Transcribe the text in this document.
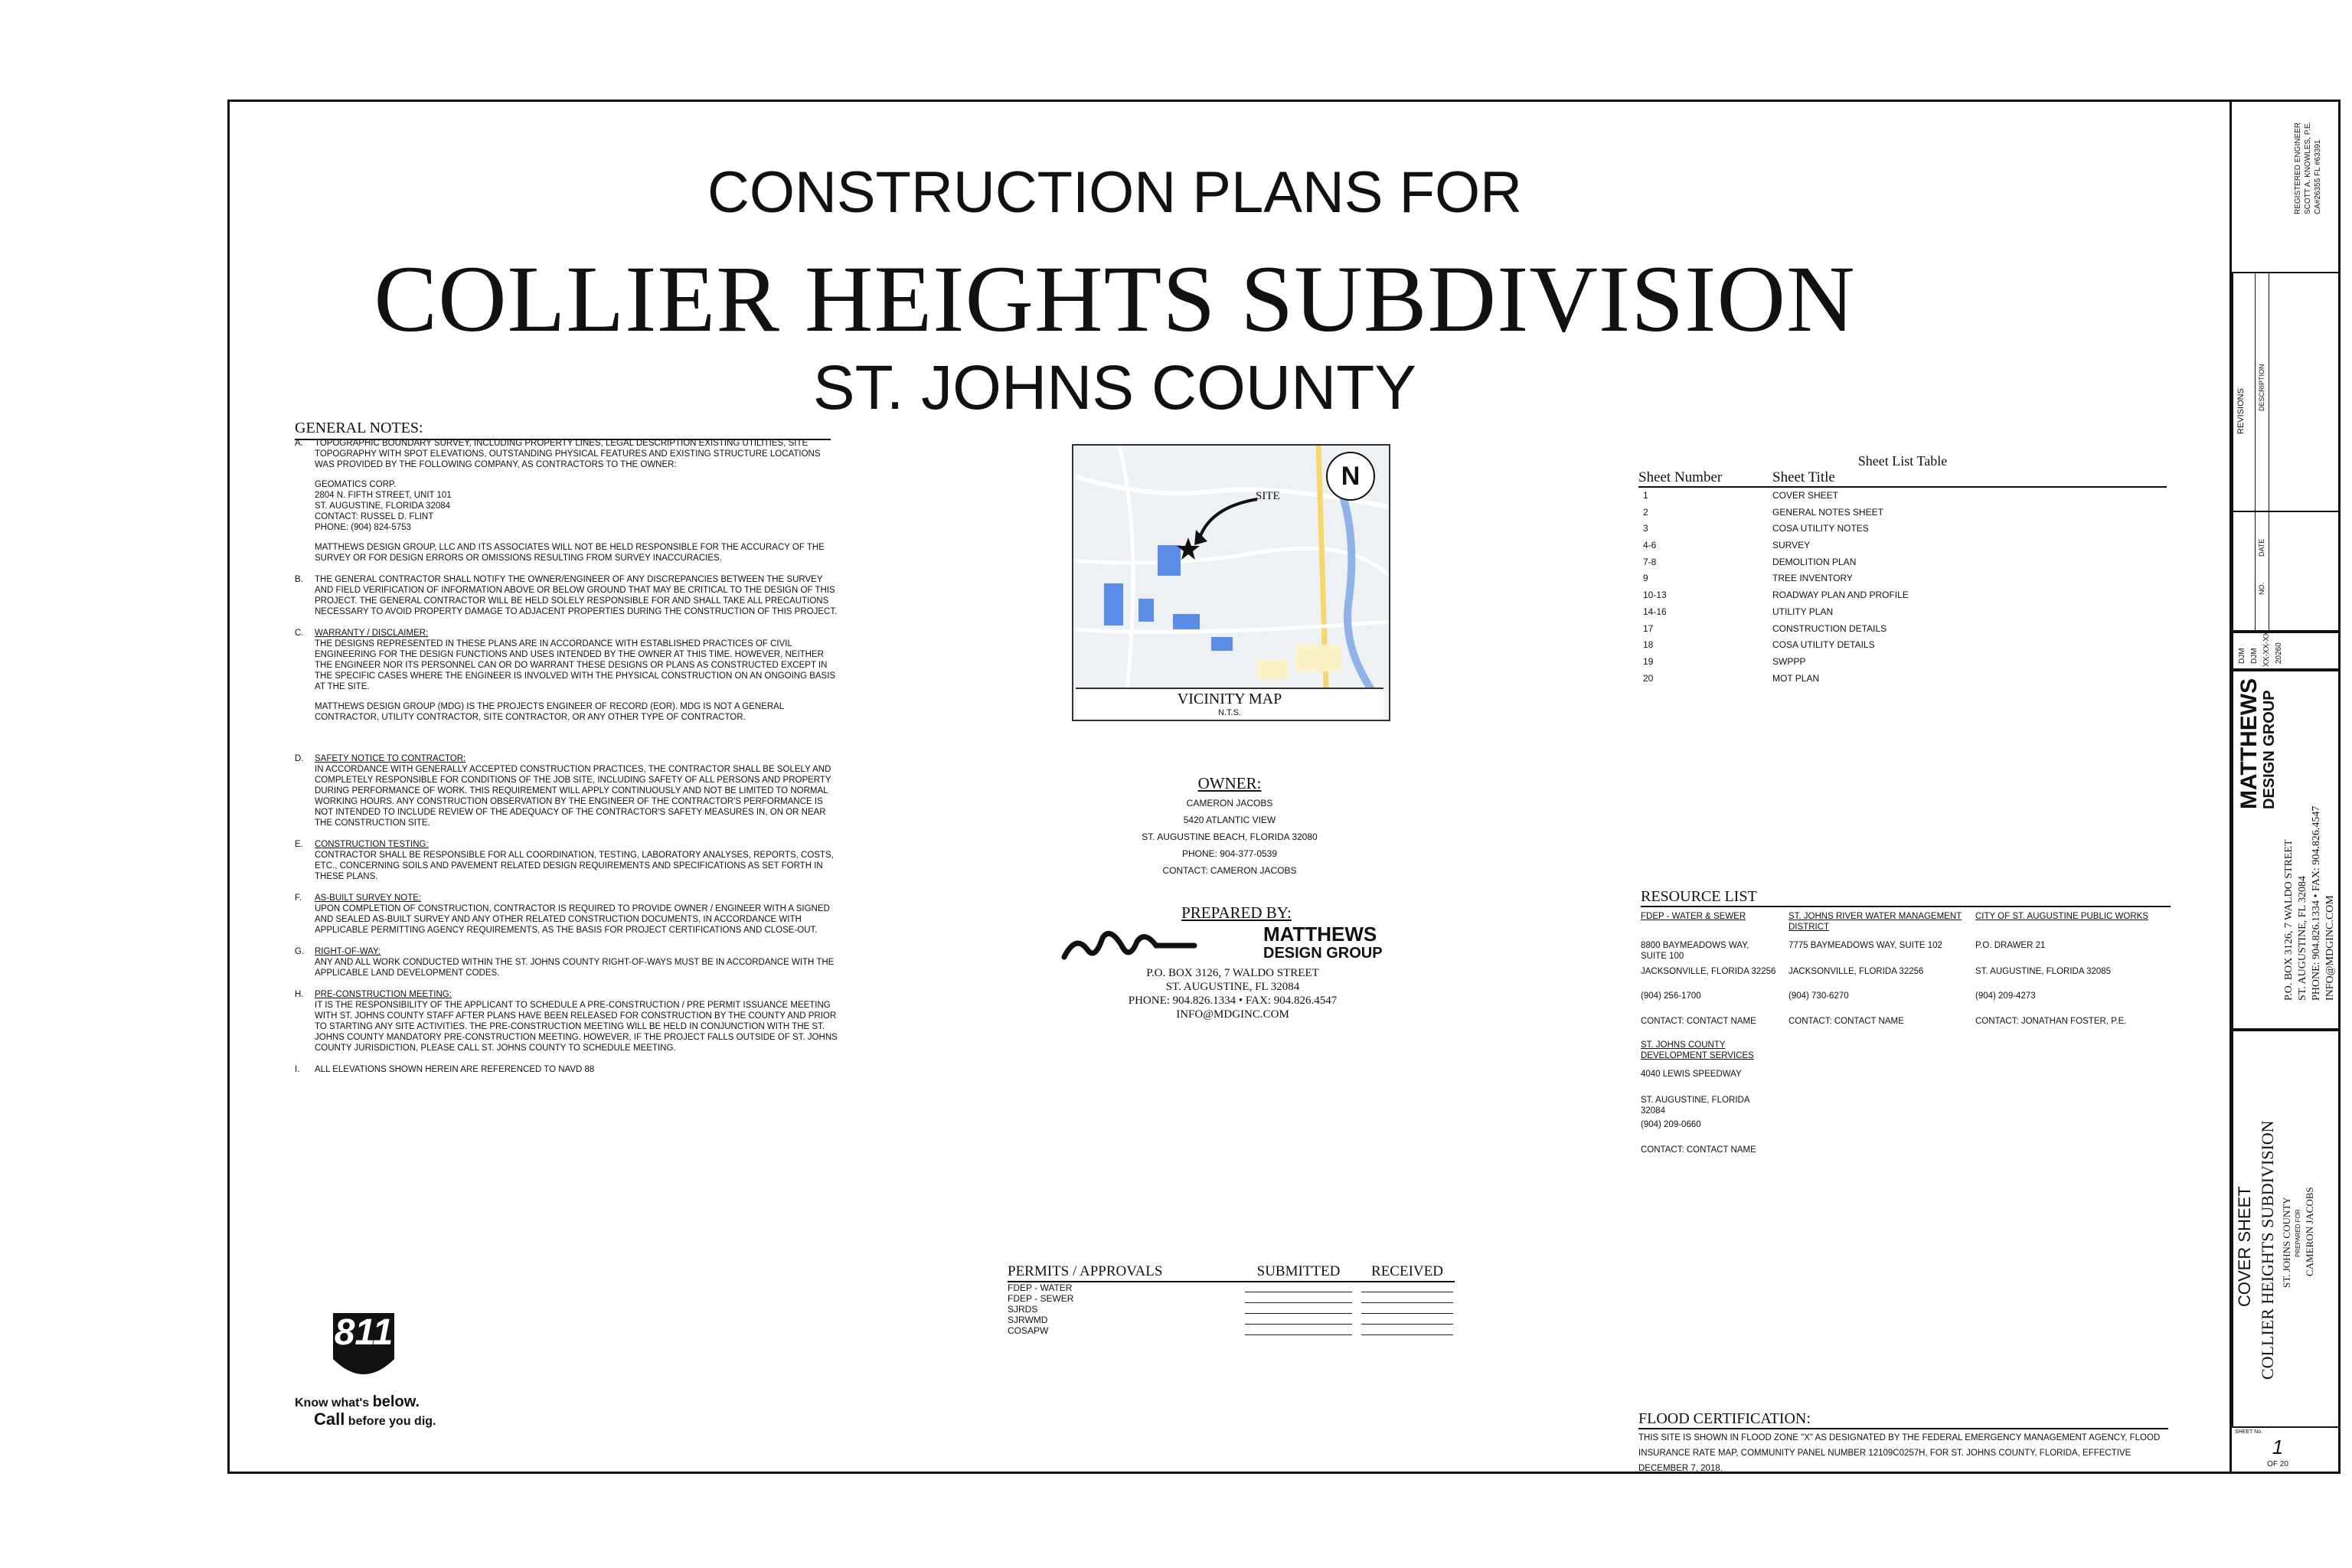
CONSTRUCTION PLANS FOR
COLLIER HEIGHTS SUBDIVISION
ST. JOHNS COUNTY
GENERAL NOTES:
A. TOPOGRAPHIC BOUNDARY SURVEY, INCLUDING PROPERTY LINES, LEGAL DESCRIPTION EXISTING UTILITIES, SITE TOPOGRAPHY WITH SPOT ELEVATIONS, OUTSTANDING PHYSICAL FEATURES AND EXISTING STRUCTURE LOCATIONS WAS PROVIDED BY THE FOLLOWING COMPANY, AS CONTRACTORS TO THE OWNER:

GEOMATICS CORP.
2804 N. FIFTH STREET, UNIT 101
ST. AUGUSTINE, FLORIDA 32084
CONTACT: RUSSEL D. FLINT
PHONE: (904) 824-5753

MATTHEWS DESIGN GROUP, LLC AND ITS ASSOCIATES WILL NOT BE HELD RESPONSIBLE FOR THE ACCURACY OF THE SURVEY OR FOR DESIGN ERRORS OR OMISSIONS RESULTING FROM SURVEY INACCURACIES.

B. THE GENERAL CONTRACTOR SHALL NOTIFY THE OWNER/ENGINEER OF ANY DISCREPANCIES BETWEEN THE SURVEY AND FIELD VERIFICATION OF INFORMATION ABOVE OR BELOW GROUND THAT MAY BE CRITICAL TO THE DESIGN OF THIS PROJECT. THE GENERAL CONTRACTOR WILL BE HELD SOLELY RESPONSIBLE FOR AND SHALL TAKE ALL PRECAUTIONS NECESSARY TO AVOID PROPERTY DAMAGE TO ADJACENT PROPERTIES DURING THE CONSTRUCTION OF THIS PROJECT.

C. WARRANTY / DISCLAIMER:

THE DESIGNS REPRESENTED IN THESE PLANS ARE IN ACCORDANCE WITH ESTABLISHED PRACTICES OF CIVIL ENGINEERING FOR THE DESIGN FUNCTIONS AND USES INTENDED BY THE OWNER AT THIS TIME. HOWEVER, NEITHER THE ENGINEER NOR ITS PERSONNEL CAN OR DO WARRANT THESE DESIGNS OR PLANS AS CONSTRUCTED EXCEPT IN THE SPECIFIC CASES WHERE THE ENGINEER IS INVOLVED WITH THE PHYSICAL CONSTRUCTION ON AN ONGOING BASIS AT THE SITE.

MATTHEWS DESIGN GROUP (MDG) IS THE PROJECTS ENGINEER OF RECORD (EOR). MDG IS NOT A GENERAL CONTRACTOR, UTILITY CONTRACTOR, SITE CONTRACTOR, OR ANY OTHER TYPE OF CONTRACTOR.

D. SAFETY NOTICE TO CONTRACTOR:

IN ACCORDANCE WITH GENERALLY ACCEPTED CONSTRUCTION PRACTICES, THE CONTRACTOR SHALL BE SOLELY AND COMPLETELY RESPONSIBLE FOR CONDITIONS OF THE JOB SITE, INCLUDING SAFETY OF ALL PERSONS AND PROPERTY DURING PERFORMANCE OF WORK. THIS REQUIREMENT WILL APPLY CONTINUOUSLY AND NOT BE LIMITED TO NORMAL WORKING HOURS. ANY CONSTRUCTION OBSERVATION BY THE ENGINEER OF THE CONTRACTOR'S PERFORMANCE IS NOT INTENDED TO INCLUDE REVIEW OF THE ADEQUACY OF THE CONTRACTOR'S SAFETY MEASURES IN, ON OR NEAR THE CONSTRUCTION SITE.

E. CONSTRUCTION TESTING:

CONTRACTOR SHALL BE RESPONSIBLE FOR ALL COORDINATION, TESTING, LABORATORY ANALYSES, REPORTS, COSTS, ETC., CONCERNING SOILS AND PAVEMENT RELATED DESIGN REQUIREMENTS AND SPECIFICATIONS AS SET FORTH IN THESE PLANS.

F. AS-BUILT SURVEY NOTE:

UPON COMPLETION OF CONSTRUCTION, CONTRACTOR IS REQUIRED TO PROVIDE OWNER / ENGINEER WITH A SIGNED AND SEALED AS-BUILT SURVEY AND ANY OTHER RELATED CONSTRUCTION DOCUMENTS, IN ACCORDANCE WITH APPLICABLE PERMITTING AGENCY REQUIREMENTS, AS THE BASIS FOR PROJECT CERTIFICATIONS AND CLOSE-OUT.

G. RIGHT-OF-WAY:

ANY AND ALL WORK CONDUCTED WITHIN THE ST. JOHNS COUNTY RIGHT-OF-WAYS MUST BE IN ACCORDANCE WITH THE APPLICABLE LAND DEVELOPMENT CODES.

H. PRE-CONSTRUCTION MEETING:

IT IS THE RESPONSIBILITY OF THE APPLICANT TO SCHEDULE A PRE-CONSTRUCTION / PRE PERMIT ISSUANCE MEETING WITH ST. JOHNS COUNTY STAFF AFTER PLANS HAVE BEEN RELEASED FOR CONSTRUCTION BY THE COUNTY AND PRIOR TO STARTING ANY SITE ACTIVITIES. THE PRE-CONSTRUCTION MEETING WILL BE HELD IN CONJUNCTION WITH THE ST. JOHNS COUNTY MANDATORY PRE-CONSTRUCTION MEETING. HOWEVER, IF THE PROJECT FALLS OUTSIDE OF ST. JOHNS COUNTY JURISDICTION, PLEASE CALL ST. JOHNS COUNTY TO SCHEDULE MEETING.

I. ALL ELEVATIONS SHOWN HEREIN ARE REFERENCED TO NAVD 88

SITE
N
VICINITY MAP
N.T.S.
OWNER:
CAMERON JACOBS
5420 ATLANTIC VIEW
ST. AUGUSTINE BEACH, FLORIDA 32080
PHONE: 904-377-0539
CONTACT: CAMERON JACOBS
PREPARED BY:
MATTHEWS
DESIGN GROUP
P.O. BOX 3126, 7 WALDO STREET
ST. AUGUSTINE, FL 32084
PHONE: 904.826.1334 • FAX: 904.826.4547
INFO@MDGINC.COM
PERMITS / APPROVALS	SUBMITTED	RECEIVED
FDEP - WATER
FDEP - SEWER
SJRDS
SJRWMD
COSAPW
Sheet List Table
Sheet Number	Sheet Title
1	COVER SHEET
2	GENERAL NOTES SHEET
3	COSA UTILITY NOTES
4-6	SURVEY
7-8	DEMOLITION PLAN
9	TREE INVENTORY
10-13	ROADWAY PLAN AND PROFILE
14-16	UTILITY PLAN
17	CONSTRUCTION DETAILS
18	COSA UTILITY DETAILS
19	SWPPP
20	MOT PLAN
RESOURCE LIST
FDEP - WATER & SEWER
8800 BAYMEADOWS WAY,
SUITE 100
JACKSONVILLE, FLORIDA 32256
(904) 256-1700
CONTACT: CONTACT NAME
ST. JOHNS RIVER WATER MANAGEMENT DISTRICT
7775 BAYMEADOWS WAY, SUITE 102
JACKSONVILLE, FLORIDA 32256
(904) 730-6270
CONTACT: CONTACT NAME
CITY OF ST. AUGUSTINE PUBLIC WORKS
P.O. DRAWER 21
ST. AUGUSTINE, FLORIDA 32085
(904) 209-4273
CONTACT: JONATHAN FOSTER, P.E.
ST. JOHNS COUNTY
DEVELOPMENT SERVICES
4040 LEWIS SPEEDWAY
ST. AUGUSTINE, FLORIDA
32084
(904) 209-0660
CONTACT: CONTACT NAME
FLOOD CERTIFICATION:
THIS SITE IS SHOWN IN FLOOD ZONE "X" AS DESIGNATED BY THE FEDERAL EMERGENCY MANAGEMENT AGENCY, FLOOD INSURANCE RATE MAP, COMMUNITY PANEL NUMBER 12109C0257H, FOR ST. JOHNS COUNTY, FLORIDA, EFFECTIVE DECEMBER 7, 2018.
811
Know what's below.
Call before you dig.
REGISTERED ENGINEER SCOTT A. KNOWLES, P.E. CA#26355 FL #63391
REVISIONS
DESCRIPTION
DATE
NO.
DJM DJM XX-XX-XX 20260
MATTHEWS DESIGN GROUP
P.O. BOX 3126, 7 WALDO STREET ST. AUGUSTINE, FL 32084 PHONE: 904.826.1334 • FAX: 904.826.4547 INFO@MDGINC.COM
COVER SHEET COLLIER HEIGHTS SUBDIVISION ST. JOHNS COUNTY PREPARED FOR CAMERON JACOBS
SHEET No.
1
OF 20
